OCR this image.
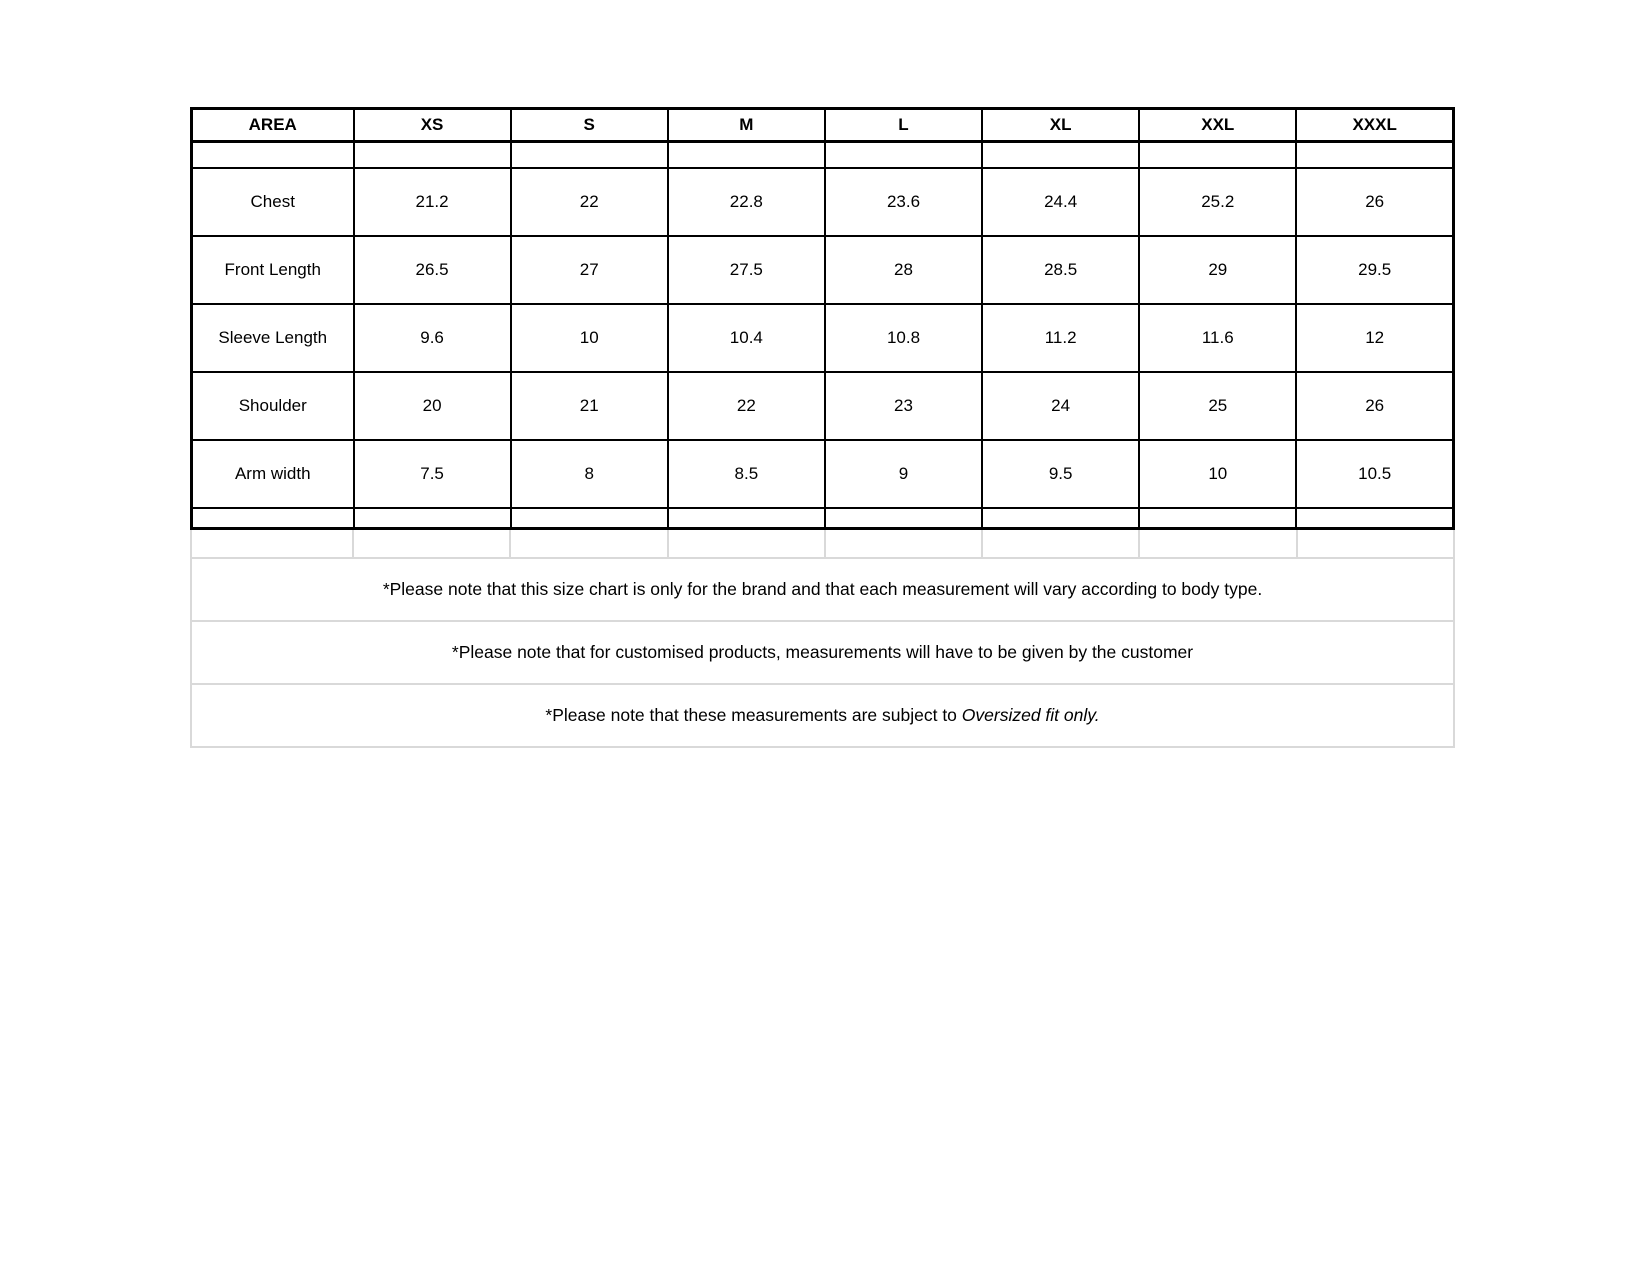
AREA	XS	S	M	L	XL	XXL	XXXL

Chest	21.2	22	22.8	23.6	24.4	25.2	26
Front Length	26.5	27	27.5	28	28.5	29	29.5
Sleeve Length	9.6	10	10.4	10.8	11.2	11.6	12
Shoulder	20	21	22	23	24	25	26
Arm width	7.5	8	8.5	9	9.5	10	10.5

*Please note that this size chart is only for the brand and that each measurement will vary according to body type.
*Please note that for customised products, measurements will have to be given by the customer
*Please note that these measurements are subject to Oversized fit only.
